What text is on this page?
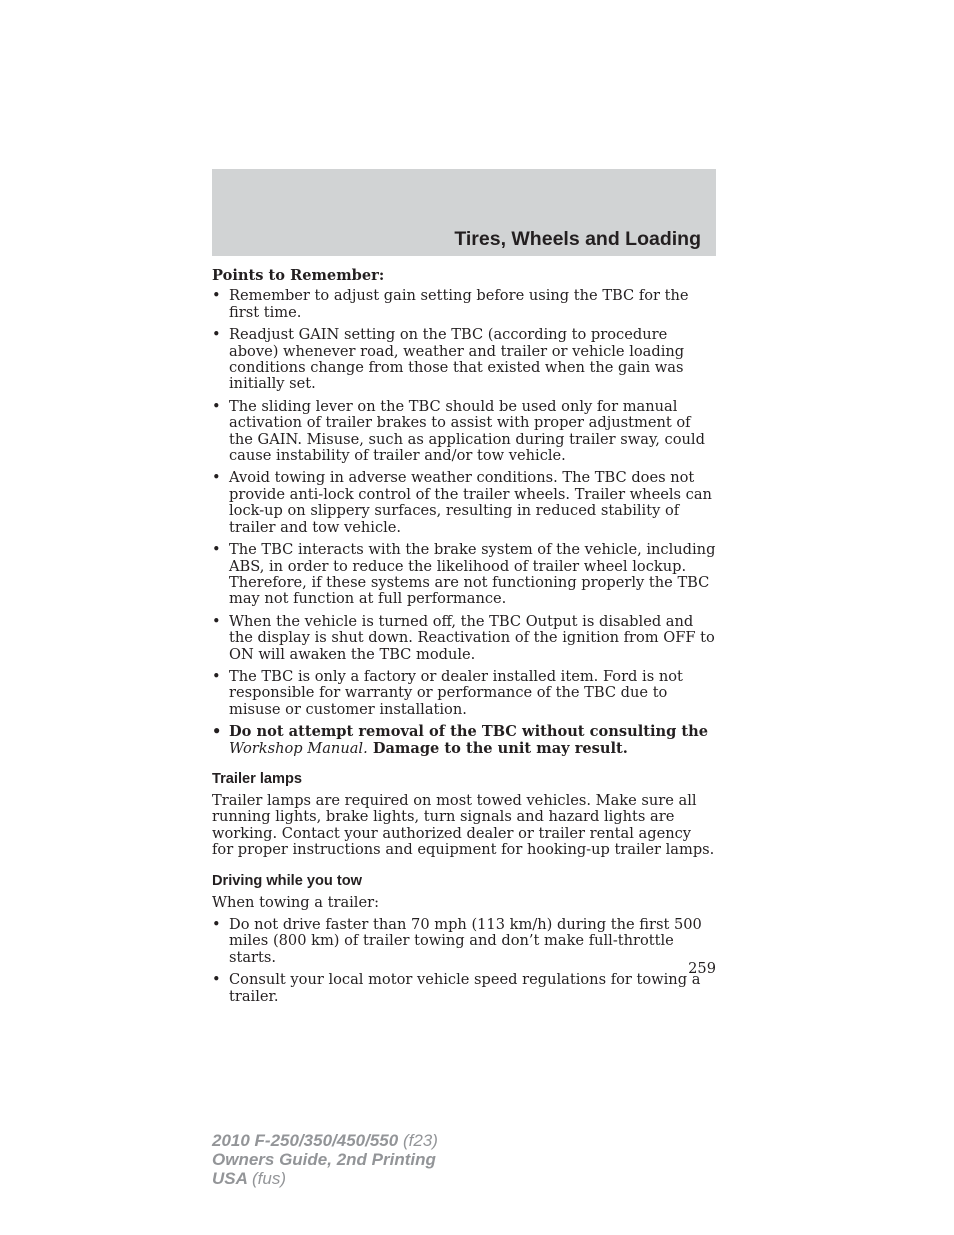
Tires, Wheels and Loading
Points to Remember:
• Remember to adjust gain setting before using the TBC for the first time.
• Readjust GAIN setting on the TBC (according to procedure above) whenever road, weather and trailer or vehicle loading conditions change from those that existed when the gain was initially set.
• The sliding lever on the TBC should be used only for manual activation of trailer brakes to assist with proper adjustment of the GAIN. Misuse, such as application during trailer sway, could cause instability of trailer and/or tow vehicle.
• Avoid towing in adverse weather conditions. The TBC does not provide anti-lock control of the trailer wheels. Trailer wheels can lock-up on slippery surfaces, resulting in reduced stability of trailer and tow vehicle.
• The TBC interacts with the brake system of the vehicle, including ABS, in order to reduce the likelihood of trailer wheel lockup. Therefore, if these systems are not functioning properly the TBC may not function at full performance.
• When the vehicle is turned off, the TBC Output is disabled and the display is shut down. Reactivation of the ignition from OFF to ON will awaken the TBC module.
• The TBC is only a factory or dealer installed item. Ford is not responsible for warranty or performance of the TBC due to misuse or customer installation.
• Do not attempt removal of the TBC without consulting the Workshop Manual. Damage to the unit may result.
Trailer lamps

Trailer lamps are required on most towed vehicles. Make sure all running lights, brake lights, turn signals and hazard lights are working. Contact your authorized dealer or trailer rental agency for proper instructions and equipment for hooking-up trailer lamps.

Driving while you tow

When towing a trailer:

• Do not drive faster than 70 mph (113 km/h) during the first 500 miles (800 km) of trailer towing and don’t make full-throttle starts.
• Consult your local motor vehicle speed regulations for towing a trailer.
259
2010 F-250/350/450/550 (f23)
Owners Guide, 2nd Printing
USA (fus)
